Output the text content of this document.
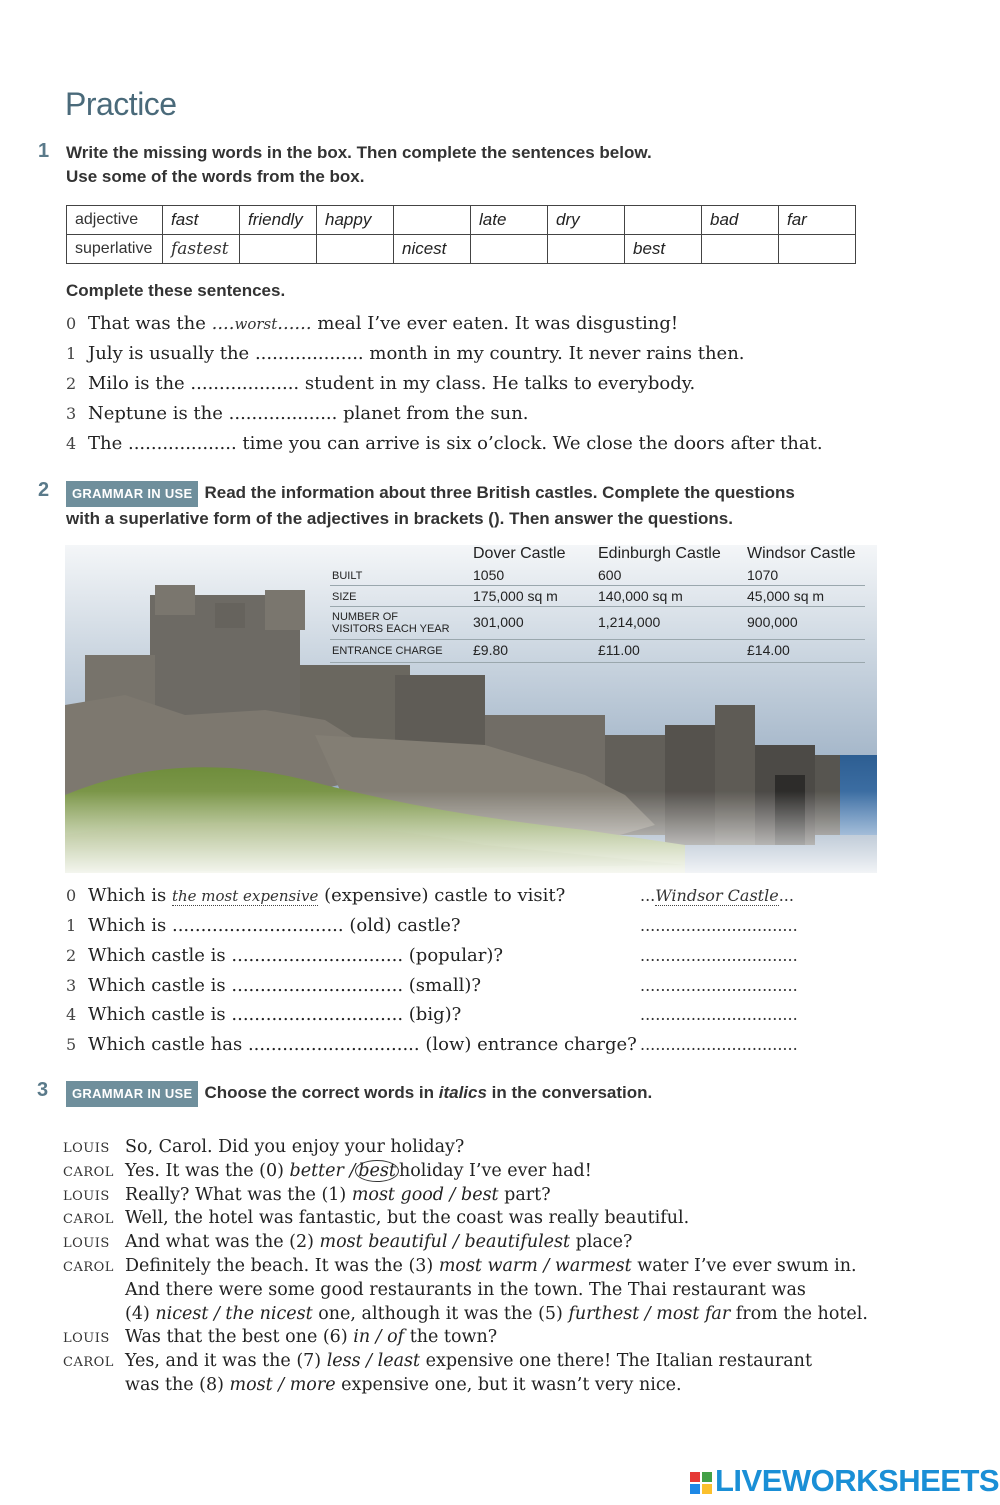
Practice
1 Write the missing words in the box. Then complete the sentences below.
Use some of the words from the box.
adjective	fast	friendly	happy		late	dry		bad	far
superlative	fastest			nicest			best		
Complete these sentences.
0 That was the ....worst...... meal I’ve ever eaten. It was disgusting!
1 July is usually the ................... month in my country. It never rains then.
2 Milo is the ................... student in my class. He talks to everybody.
3 Neptune is the ................... planet from the sun.
4 The ................... time you can arrive is six o’clock. We close the doors after that.
2	GRAMMAR IN USE Read the information about three British castles. Complete the questions
with a superlative form of the adjectives in brackets (). Then answer the questions.
Dover Castle Edinburgh Castle Windsor Castle
BUILT	1050	600	1070
SIZE	175,000 sq m	140,000 sq m	45,000 sq m
NUMBER OF
VISITORS EACH YEAR 301,000	1,214,000	900,000
ENTRANCE CHARGE £9.80	£11.00	£14.00
0 Which is the most expensive (expensive) castle to visit?	...Windsor Castle...
1 Which is .............................. (old) castle?	...............................
2 Which castle is .............................. (popular)?	...............................
3 Which castle is .............................. (small)?	...............................
4 Which castle is .............................. (big)?	...............................
5 Which castle has .............................. (low) entrance charge? ...............................
3	GRAMMAR IN USE Choose the correct words in italics in the conversation.
LOUIS So, Carol. Did you enjoy your holiday?
CAROL Yes. It was the (0) better / best holiday I’ve ever had!
LOUIS Really? What was the (1) most good / best part?
CAROL Well, the hotel was fantastic, but the coast was really beautiful.
LOUIS And what was the (2) most beautiful / beautifulest place?
CAROL Definitely the beach. It was the (3) most warm / warmest water I’ve ever swum in.
And there were some good restaurants in the town. The Thai restaurant was
(4) nicest / the nicest one, although it was the (5) furthest / most far from the hotel.
LOUIS Was that the best one (6) in / of the town?
CAROL Yes, and it was the (7) less / least expensive one there! The Italian restaurant
was the (8) most / more expensive one, but it wasn’t very nice.
LIVEWORKSHEETS
